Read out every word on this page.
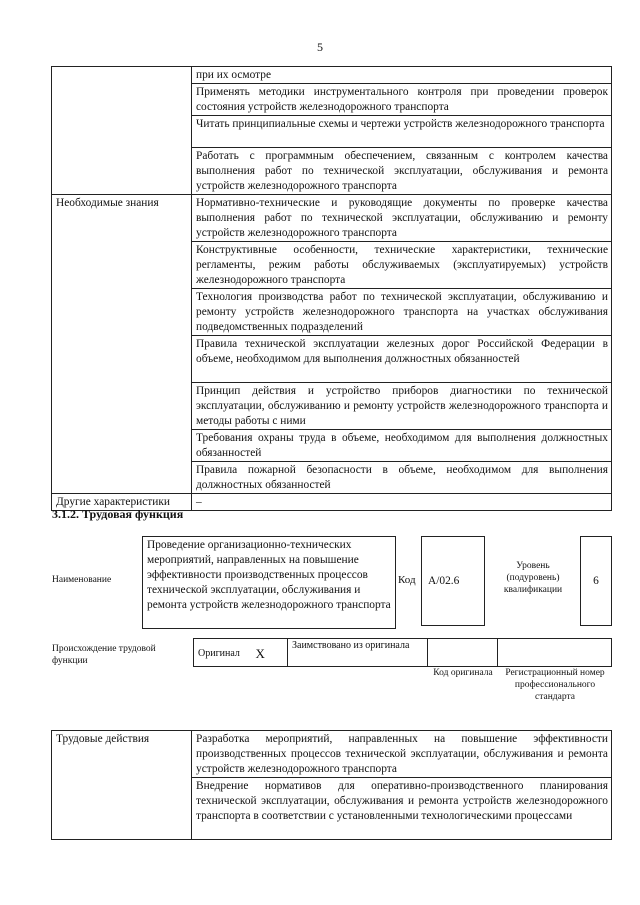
5
	при их осмотре
	Применять методики инструментального контроля при проведении проверок состояния устройств железнодорожного транспорта
	Читать принципиальные схемы и чертежи устройств железнодорожного транспорта
	Работать с программным обеспечением, связанным с контролем качества выполнения работ по технической эксплуатации, обслуживания и ремонта устройств железнодорожного транспорта
Необходимые знания	Нормативно-технические и руководящие документы по проверке качества выполнения работ по технической эксплуатации, обслуживанию и ремонту устройств железнодорожного транспорта
	Конструктивные особенности, технические характеристики, технические регламенты, режим работы обслуживаемых (эксплуатируемых) устройств железнодорожного транспорта
	Технология производства работ по технической эксплуатации, обслуживанию и ремонту устройств железнодорожного транспорта на участках обслуживания подведомственных подразделений
	Правила технической эксплуатации железных дорог Российской Федерации в объеме, необходимом для выполнения должностных обязанностей
	Принцип действия и устройство приборов диагностики по технической эксплуатации, обслуживанию и ремонту устройств железнодорожного транспорта и методы работы с ними
	Требования охраны труда в объеме, необходимом для выполнения должностных обязанностей
	Правила пожарной безопасности в объеме, необходимом для выполнения должностных обязанностей
Другие характеристики	–
3.1.2. Трудовая функция
Наименование
Проведение организационно-технических мероприятий, направленных на повышение эффективности производственных процессов технической эксплуатации, обслуживания и ремонта устройств железнодорожного транспорта
Код	A/02.6
Уровень (подуровень) квалификации
6
Происхождение трудовой функции
Оригинал	X	Заимствовано из оригинала		
Код оригинала	Регистрационный номер профессионального стандарта
Трудовые действия	Разработка мероприятий, направленных на повышение эффективности производственных процессов технической эксплуатации, обслуживания и ремонта устройств железнодорожного транспорта
Внедрение нормативов для оперативно-производственного планирования технической эксплуатации, обслуживания и ремонта устройств железнодорожного транспорта в соответствии с установленными технологическими процессами
